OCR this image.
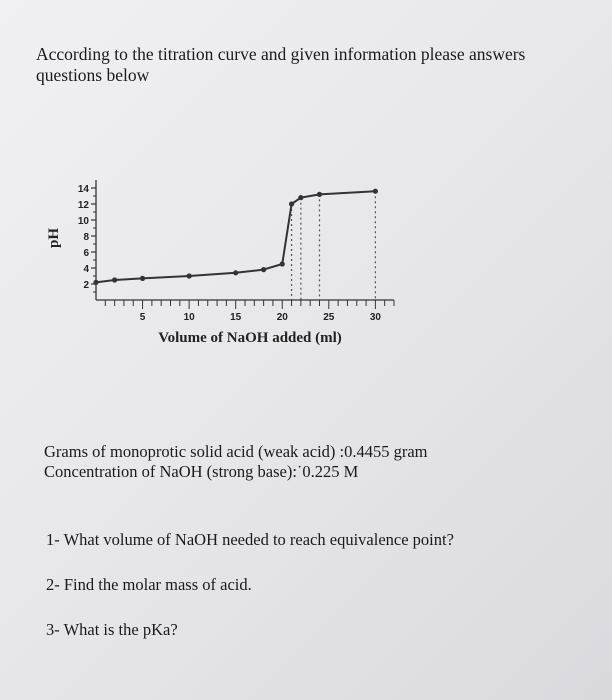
According to the titration curve and given information please answers
questions below
2
4
6
8
10
12
14
5	10	15	20	25	30
pH
Volume of NaOH added (ml)
Grams of monoprotic solid acid (weak acid) :0.4455 gram
Concentration of NaOH (strong base):˙0.225 M
1- What volume of NaOH needed to reach equivalence point?
2- Find the molar mass of acid.
3- What is the pKa?
